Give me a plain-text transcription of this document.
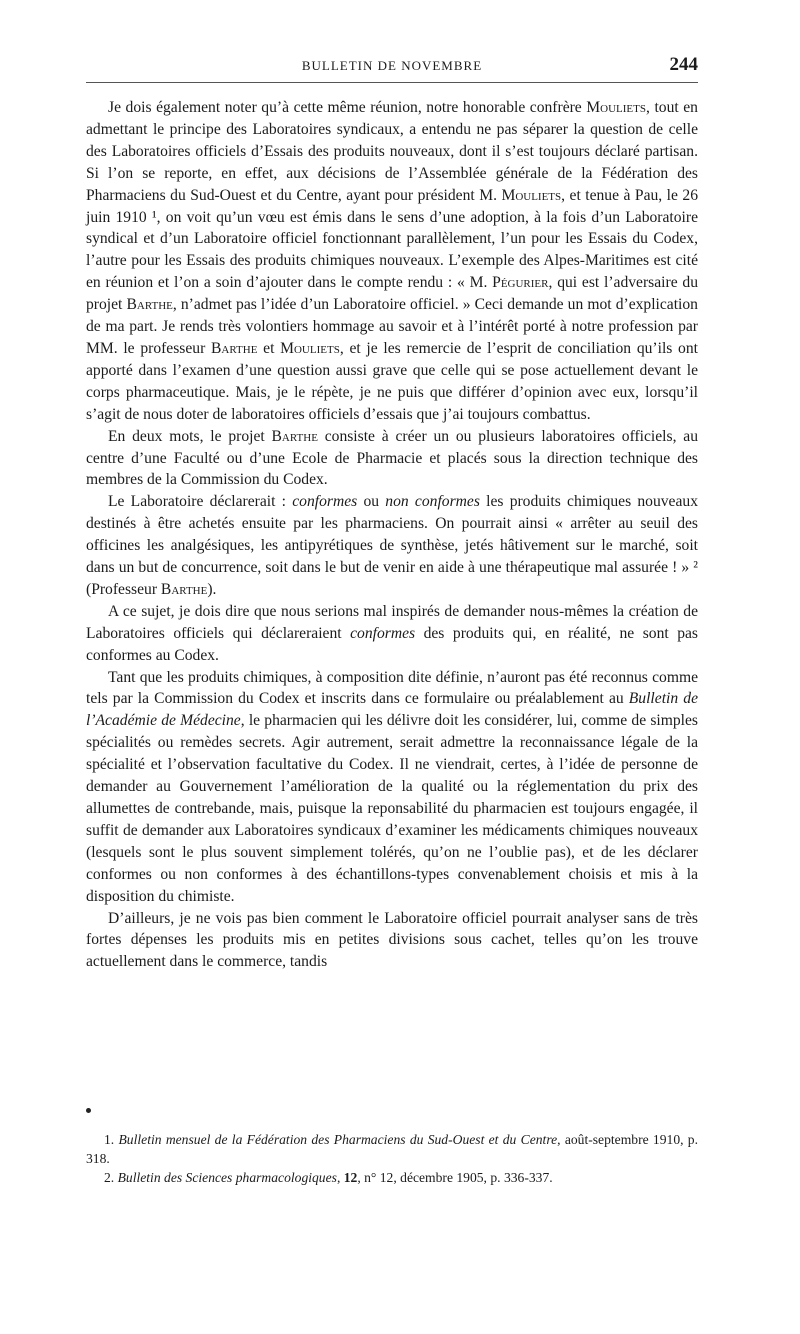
BULLETIN DE NOVEMBRE	244

Je dois également noter qu’à cette même réunion, notre honorable confrère Mouliets, tout en admettant le principe des Laboratoires syndicaux, a entendu ne pas séparer la question de celle des Laboratoires officiels d’Essais des produits nouveaux, dont il s’est toujours déclaré partisan. Si l’on se reporte, en effet, aux décisions de l’Assemblée générale de la Fédération des Pharmaciens du Sud-Ouest et du Centre, ayant pour président M. Mouliets, et tenue à Pau, le 26 juin 1910 ¹, on voit qu’un vœu est émis dans le sens d’une adoption, à la fois d’un Laboratoire syndical et d’un Laboratoire officiel fonctionnant parallèlement, l’un pour les Essais du Codex, l’autre pour les Essais des produits chimiques nouveaux. L’exemple des Alpes-Maritimes est cité en réunion et l’on a soin d’ajouter dans le compte rendu : « M. Pégurier, qui est l’adversaire du projet Barthe, n’admet pas l’idée d’un Laboratoire officiel. » Ceci demande un mot d’explication de ma part. Je rends très volontiers hommage au savoir et à l’intérêt porté à notre profession par MM. le professeur Barthe et Mouliets, et je les remercie de l’esprit de conciliation qu’ils ont apporté dans l’examen d’une question aussi grave que celle qui se pose actuellement devant le corps pharmaceutique. Mais, je le répète, je ne puis que différer d’opinion avec eux, lorsqu’il s’agit de nous doter de laboratoires officiels d’essais que j’ai toujours combattus.

En deux mots, le projet Barthe consiste à créer un ou plusieurs laboratoires officiels, au centre d’une Faculté ou d’une Ecole de Pharmacie et placés sous la direction technique des membres de la Commission du Codex.

Le Laboratoire déclarerait : conformes ou non conformes les produits chimiques nouveaux destinés à être achetés ensuite par les pharmaciens. On pourrait ainsi « arrêter au seuil des officines les analgésiques, les antipyrétiques de synthèse, jetés hâtivement sur le marché, soit dans un but de concurrence, soit dans le but de venir en aide à une thérapeutique mal assurée ! » ² (Professeur Barthe).

A ce sujet, je dois dire que nous serions mal inspirés de demander nous-mêmes la création de Laboratoires officiels qui déclareraient conformes des produits qui, en réalité, ne sont pas conformes au Codex.

Tant que les produits chimiques, à composition dite définie, n’auront pas été reconnus comme tels par la Commission du Codex et inscrits dans ce formulaire ou préalablement au Bulletin de l’Académie de Médecine, le pharmacien qui les délivre doit les considérer, lui, comme de simples spécialités ou remèdes secrets. Agir autrement, serait admettre la reconnaissance légale de la spécialité et l’observation facultative du Codex. Il ne viendrait, certes, à l’idée de personne de demander au Gouvernement l’amélioration de la qualité ou la réglementation du prix des allumettes de contrebande, mais, puisque la reponsabilité du pharmacien est toujours engagée, il suffit de demander aux Laboratoires syndicaux d’examiner les médicaments chimiques nouveaux (lesquels sont le plus souvent simplement tolérés, qu’on ne l’oublie pas), et de les déclarer conformes ou non conformes à des échantillons-types convenablement choisis et mis à la disposition du chimiste.

D’ailleurs, je ne vois pas bien comment le Laboratoire officiel pourrait analyser sans de très fortes dépenses les produits mis en petites divisions sous cachet, telles qu’on les trouve actuellement dans le commerce, tandis

1. Bulletin mensuel de la Fédération des Pharmaciens du Sud-Ouest et du Centre, août-septembre 1910, p. 318.

2. Bulletin des Sciences pharmacologiques, 12, n° 12, décembre 1905, p. 336-337.
